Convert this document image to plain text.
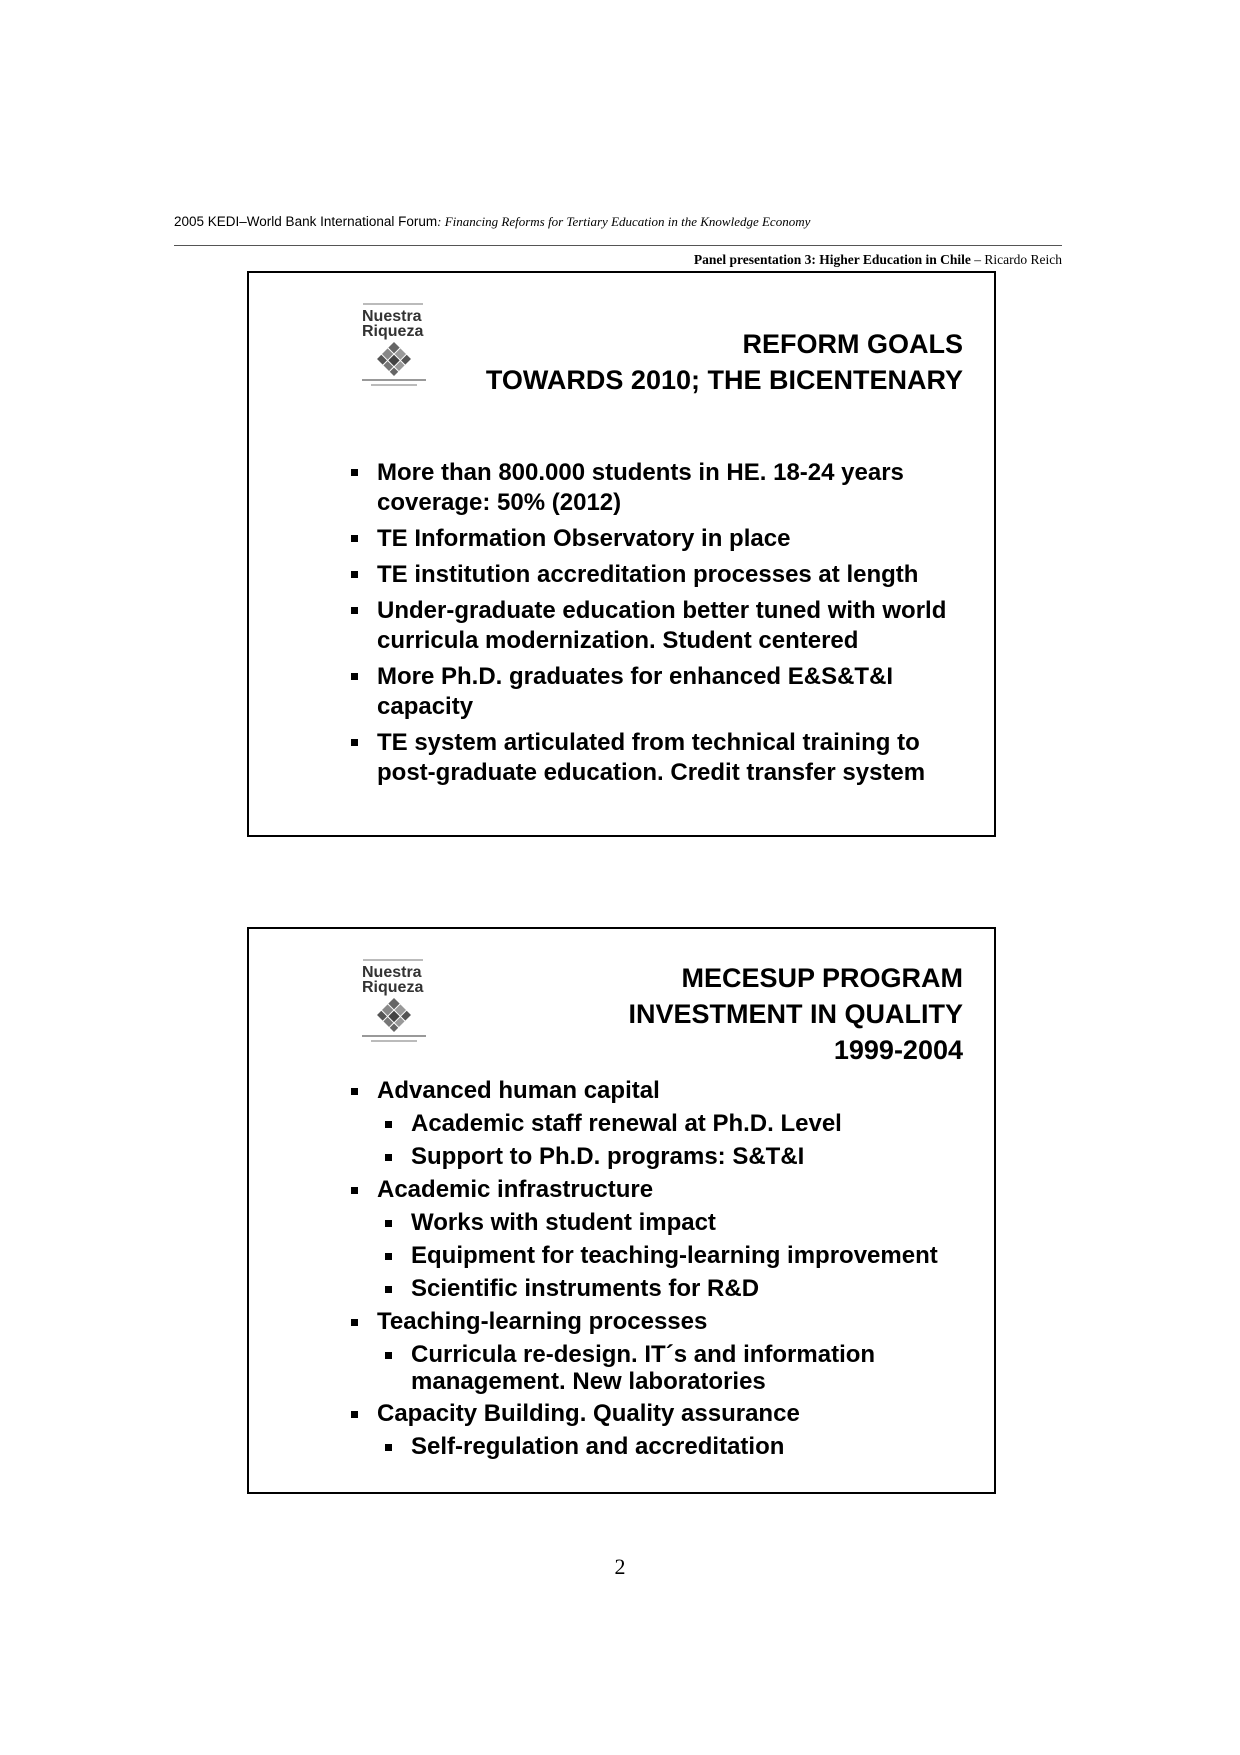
2005 KEDI–World Bank International Forum: Financing Reforms for Tertiary Education in the Knowledge Economy
Panel presentation 3: Higher Education in Chile – Ricardo Reich
Nuestra
Riqueza	REFORM GOALS
TOWARDS 2010; THE BICENTENARY
More than 800.000 students in HE. 18-24 years coverage: 50% (2012)
TE Information Observatory in place
TE institution accreditation processes at length
Under-graduate education better tuned with world curricula modernization. Student centered
More Ph.D. graduates for enhanced E&S&T&I capacity
TE system articulated from technical training to post-graduate education. Credit transfer system
Nuestra
Riqueza	MECESUP PROGRAM
INVESTMENT IN QUALITY
1999-2004
Advanced human capital
Academic staff renewal at Ph.D. Level
Support to Ph.D. programs: S&T&I
Academic infrastructure
Works with student impact
Equipment for teaching-learning improvement
Scientific instruments for R&D
Teaching-learning processes
Curricula re-design. IT´s and information management. New laboratories
Capacity Building. Quality assurance
Self-regulation and accreditation
2
